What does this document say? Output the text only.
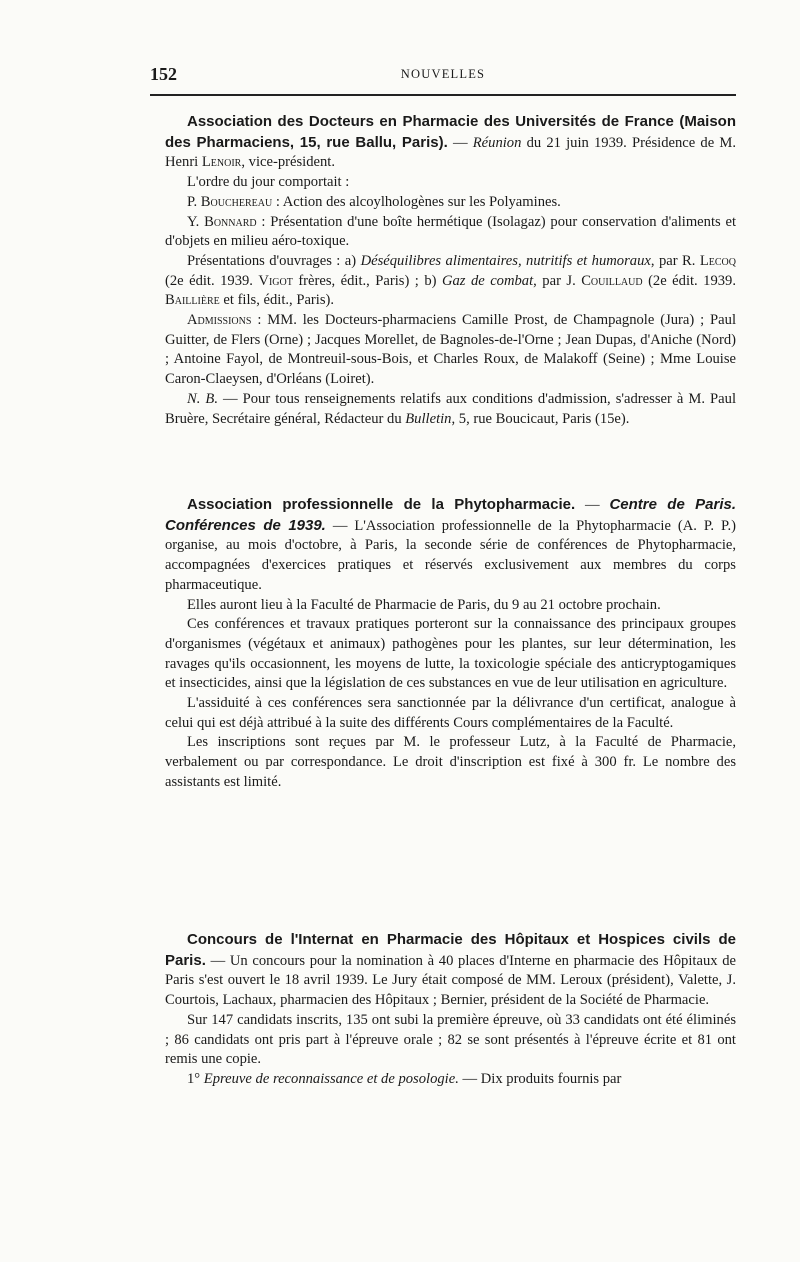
152	NOUVELLES

Association des Docteurs en Pharmacie des Universités de France (Maison des Pharmaciens, 15, rue Ballu, Paris). — Réunion du 21 juin 1939. Présidence de M. Henri Lenoir, vice-président.

L'ordre du jour comportait :

P. Bouchereau : Action des alcoylhologènes sur les Polyamines.

Y. Bonnard : Présentation d'une boîte hermétique (Isolagaz) pour conservation d'aliments et d'objets en milieu aéro-toxique.

Présentations d'ouvrages : a) Déséquilibres alimentaires, nutritifs et humoraux, par R. Lecoq (2e édit. 1939. Vigot frères, édit., Paris) ; b) Gaz de combat, par J. Couillaud (2e édit. 1939. Baillière et fils, édit., Paris).

Admissions : MM. les Docteurs-pharmaciens Camille Prost, de Champagnole (Jura) ; Paul Guitter, de Flers (Orne) ; Jacques Morellet, de Bagnoles-de-l'Orne ; Jean Dupas, d'Aniche (Nord) ; Antoine Fayol, de Montreuil-sous-Bois, et Charles Roux, de Malakoff (Seine) ; Mme Louise Caron-Claeysen, d'Orléans (Loiret).

N. B. — Pour tous renseignements relatifs aux conditions d'admission, s'adresser à M. Paul Bruère, Secrétaire général, Rédacteur du Bulletin, 5, rue Boucicaut, Paris (15e).

Association professionnelle de la Phytopharmacie. — Centre de Paris. Conférences de 1939. — L'Association professionnelle de la Phytopharmacie (A. P. P.) organise, au mois d'octobre, à Paris, la seconde série de conférences de Phytopharmacie, accompagnées d'exercices pratiques et réservés exclusivement aux membres du corps pharmaceutique.

Elles auront lieu à la Faculté de Pharmacie de Paris, du 9 au 21 octobre prochain.

Ces conférences et travaux pratiques porteront sur la connaissance des principaux groupes d'organismes (végétaux et animaux) pathogènes pour les plantes, sur leur détermination, les ravages qu'ils occasionnent, les moyens de lutte, la toxicologie spéciale des anticryptogamiques et insecticides, ainsi que la législation de ces substances en vue de leur utilisation en agriculture.

L'assiduité à ces conférences sera sanctionnée par la délivrance d'un certificat, analogue à celui qui est déjà attribué à la suite des différents Cours complémentaires de la Faculté.

Les inscriptions sont reçues par M. le professeur Lutz, à la Faculté de Pharmacie, verbalement ou par correspondance. Le droit d'inscription est fixé à 300 fr. Le nombre des assistants est limité.

Concours de l'Internat en Pharmacie des Hôpitaux et Hospices civils de Paris. — Un concours pour la nomination à 40 places d'Interne en pharmacie des Hôpitaux de Paris s'est ouvert le 18 avril 1939. Le Jury était composé de MM. Leroux (président), Valette, J. Courtois, Lachaux, pharmacien des Hôpitaux ; Bernier, président de la Société de Pharmacie.

Sur 147 candidats inscrits, 135 ont subi la première épreuve, où 33 candidats ont été éliminés ; 86 candidats ont pris part à l'épreuve orale ; 82 se sont présentés à l'épreuve écrite et 81 ont remis une copie.

1° Epreuve de reconnaissance et de posologie. — Dix produits fournis par
